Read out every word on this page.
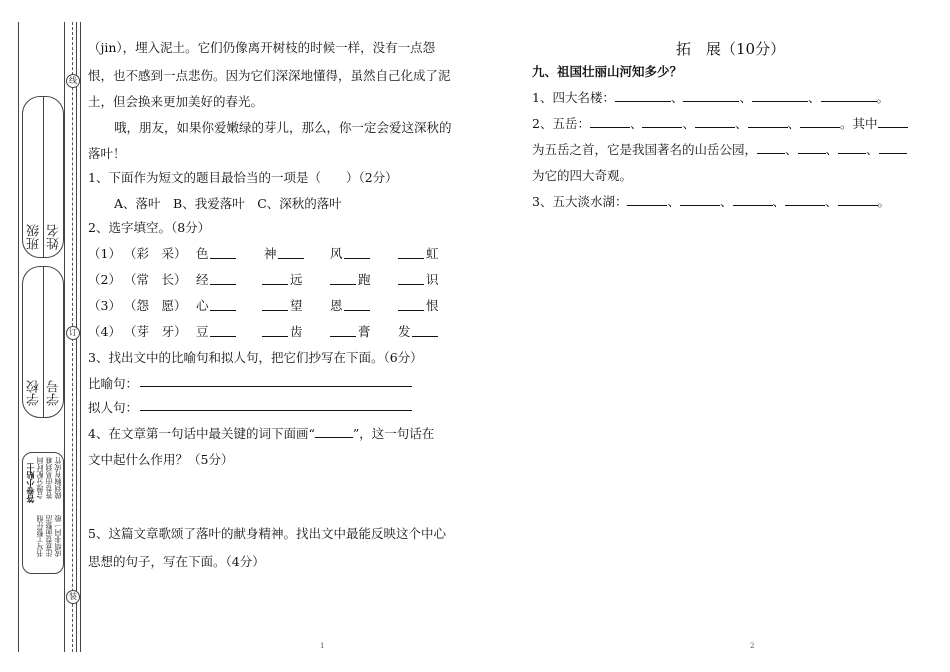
班级 姓名
学校 学号
线
订
装
答卷小贴士 合理分配时间 答卷由易到难 做到胸有成竹
书写工整仔细 注意卷面整洁 成绩非同一般
（jin），埋入泥土。它们仍像离开树枝的时候一样，没有一点怨
恨，也不感到一点悲伤。因为它们深深地懂得，虽然自己化成了泥
土，但会换来更加美好的春光。
哦，朋友，如果你爱嫩绿的芽儿，那么，你一定会爱这深秋的
落叶！
1、下面作为短文的题目最恰当的一项是（　　）（2分）
A、落叶　B、我爱落叶　C、深秋的落叶
2、选字填空。（8分）
（1） （彩　采） 色	神	风	虹
（2） （常　长） 经	远	跑	识
（3） （怨　愿） 心	望 恩	恨
（4） （芽　牙） 豆	齿	膏 发
3、找出文中的比喻句和拟人句，把它们抄写在下面。（6分）
比喻句：
拟人句：
4、在文章第一句话中最关键的词下面画“	”，这一句话在
文中起什么作用？（5分）
5、这篇文章歌颂了落叶的献身精神。找出文中最能反映这个中心
思想的句子，写在下面。（4分）
1
拓　展（10分）
九、祖国壮丽山河知多少？
1、四大名楼：	、	、	、	。
2、五岳：	、	、	、	、	。其中
为五岳之首，它是我国著名的山岳公园， 、 、 、
为它的四大奇观。
3、五大淡水湖：	、	、	、	、	。
2
